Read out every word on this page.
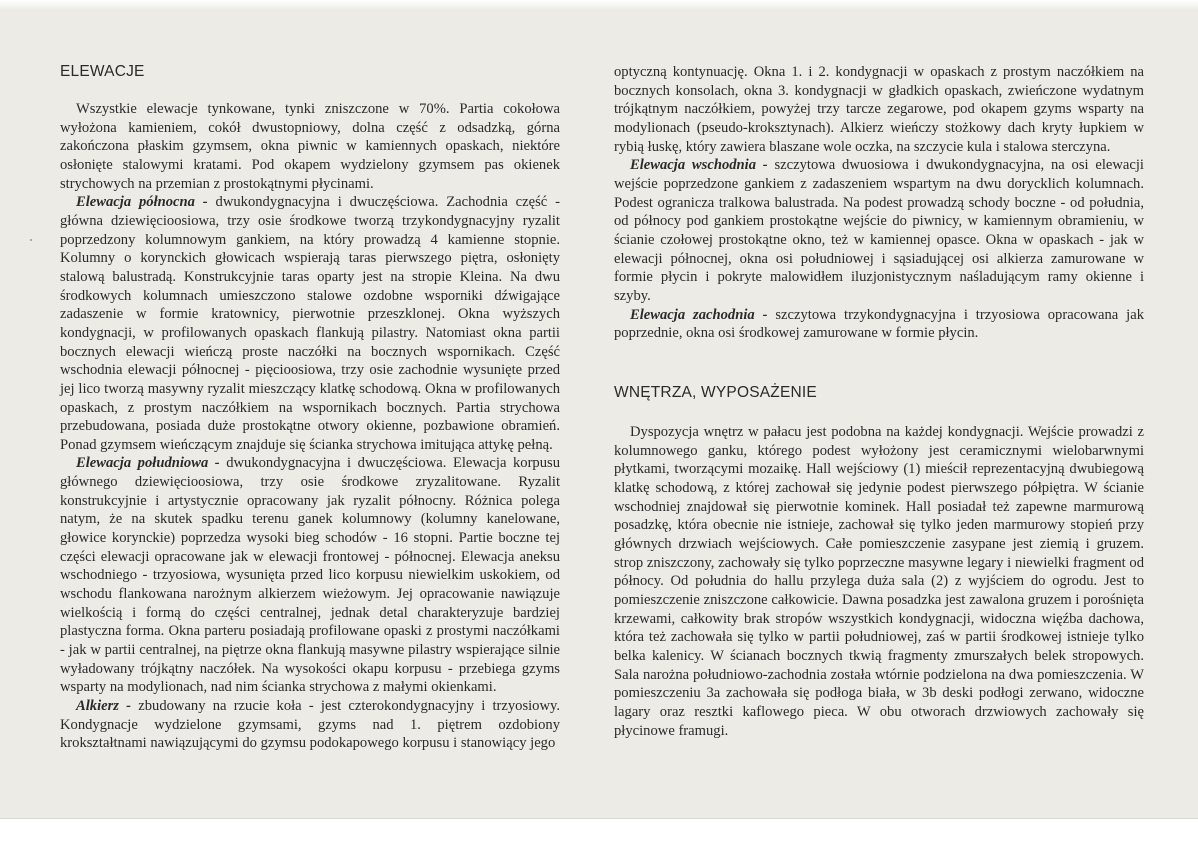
ELEWACJE

Wszystkie elewacje tynkowane, tynki zniszczone w 70%. Partia cokołowa wyłożona kamieniem, cokół dwustopniowy, dolna część z odsadzką, górna zakończona płaskim gzymsem, okna piwnic w kamiennych opaskach, niektóre osłonięte stalowymi kratami. Pod okapem wydzielony gzymsem pas okienek strychowych na przemian z prostokątnymi płycinami.

Elewacja północna - dwukondygnacyjna i dwuczęściowa. Zachodnia część - główna dziewięcioosiowa, trzy osie środkowe tworzą trzykondygnacyjny ryzalit poprzedzony kolumnowym gankiem, na który prowadzą 4 kamienne stopnie. Kolumny o korynckich głowicach wspierają taras pierwszego piętra, osłonięty stalową balustradą. Konstrukcyjnie taras oparty jest na stropie Kleina. Na dwu środkowych kolumnach umieszczono stalowe ozdobne wsporniki dźwigające zadaszenie w formie kratownicy, pierwotnie przeszklonej. Okna wyższych kondygnacji, w profilowanych opaskach flankują pilastry. Natomiast okna partii bocznych elewacji wieńczą proste naczółki na bocznych wspornikach. Część wschodnia elewacji północnej - pięcioosiowa, trzy osie zachodnie wysunięte przed jej lico tworzą masywny ryzalit mieszczący klatkę schodową. Okna w profilowanych opaskach, z prostym naczółkiem na wspornikach bocznych. Partia strychowa przebudowana, posiada duże prostokątne otwory okienne, pozbawione obramień. Ponad gzymsem wieńczącym znajduje się ścianka strychowa imitująca attykę pełną.

Elewacja południowa - dwukondygnacyjna i dwuczęściowa. Elewacja korpusu głównego dziewięcioosiowa, trzy osie środkowe zryzalitowane. Ryzalit konstrukcyjnie i artystycznie opracowany jak ryzalit północny. Różnica polega natym, że na skutek spadku terenu ganek kolumnowy (kolumny kanelowane, głowice korynckie) poprzedza wysoki bieg schodów - 16 stopni. Partie boczne tej części elewacji opracowane jak w elewacji frontowej - północnej. Elewacja aneksu wschodniego - trzyosiowa, wysunięta przed lico korpusu niewielkim uskokiem, od wschodu flankowana narożnym alkierzem wieżowym. Jej opracowanie nawiązuje wielkością i formą do części centralnej, jednak detal charakteryzuje bardziej plastyczna forma. Okna parteru posiadają profilowane opaski z prostymi naczółkami - jak w partii centralnej, na piętrze okna flankują masywne pilastry wspierające silnie wyładowany trójkątny naczółek. Na wysokości okapu korpusu - przebiega gzyms wsparty na modylionach, nad nim ścianka strychowa z małymi okienkami.

Alkierz - zbudowany na rzucie koła - jest czterokondygnacyjny i trzyosiowy. Kondygnacje wydzielone gzymsami, gzyms nad 1. piętrem ozdobiony krokształtnami nawiązującymi do gzymsu podokapowego korpusu i stanowiący jego

optyczną kontynuację. Okna 1. i 2. kondygnacji w opaskach z prostym naczółkiem na bocznych konsolach, okna 3. kondygnacji w gładkich opaskach, zwieńczone wydatnym trójkątnym naczółkiem, powyżej trzy tarcze zegarowe, pod okapem gzyms wsparty na modylionach (pseudo-kroksztynach). Alkierz wieńczy stożkowy dach kryty łupkiem w rybią łuskę, który zawiera blaszane wole oczka, na szczycie kula i stalowa sterczyna.

Elewacja wschodnia - szczytowa dwuosiowa i dwukondygnacyjna, na osi elewacji wejście poprzedzone gankiem z zadaszeniem wspartym na dwu dorycklich kolumnach. Podest ogranicza tralkowa balustrada. Na podest prowadzą schody boczne - od południa, od północy pod gankiem prostokątne wejście do piwnicy, w kamiennym obramieniu, w ścianie czołowej prostokątne okno, też w kamiennej opasce. Okna w opaskach - jak w elewacji północnej, okna osi południowej i sąsiadującej osi alkierza zamurowane w formie płycin i pokryte malowidłem iluzjonistycznym naśladującym ramy okienne i szyby.

Elewacja zachodnia - szczytowa trzykondygnacyjna i trzyosiowa opracowana jak poprzednie, okna osi środkowej zamurowane w formie płycin.

WNĘTRZA, WYPOSAŻENIE

Dyspozycja wnętrz w pałacu jest podobna na każdej kondygnacji. Wejście prowadzi z kolumnowego ganku, którego podest wyłożony jest ceramicznymi wielobarwnymi płytkami, tworzącymi mozaikę. Hall wejściowy (1) mieścił reprezentacyjną dwubiegową klatkę schodową, z której zachował się jedynie podest pierwszego półpiętra. W ścianie wschodniej znajdował się pierwotnie kominek. Hall posiadał też zapewne marmurową posadzkę, która obecnie nie istnieje, zachował się tylko jeden marmurowy stopień przy głównych drzwiach wejściowych. Całe pomieszczenie zasypane jest ziemią i gruzem. strop zniszczony, zachowały się tylko poprzeczne masywne legary i niewielki fragment od północy. Od południa do hallu przylega duża sala (2) z wyjściem do ogrodu. Jest to pomieszczenie zniszczone całkowicie. Dawna posadzka jest zawalona gruzem i porośnięta krzewami, całkowity brak stropów wszystkich kondygnacji, widoczna więźba dachowa, która też zachowała się tylko w partii południowej, zaś w partii środkowej istnieje tylko belka kalenicy. W ścianach bocznych tkwią fragmenty zmurszałych belek stropowych. Sala narożna południowo-zachodnia została wtórnie podzielona na dwa pomieszczenia. W pomieszczeniu 3a zachowała się podłoga biała, w 3b deski podłogi zerwano, widoczne lagary oraz resztki kaflowego pieca. W obu otworach drzwiowych zachowały się płycinowe framugi.
